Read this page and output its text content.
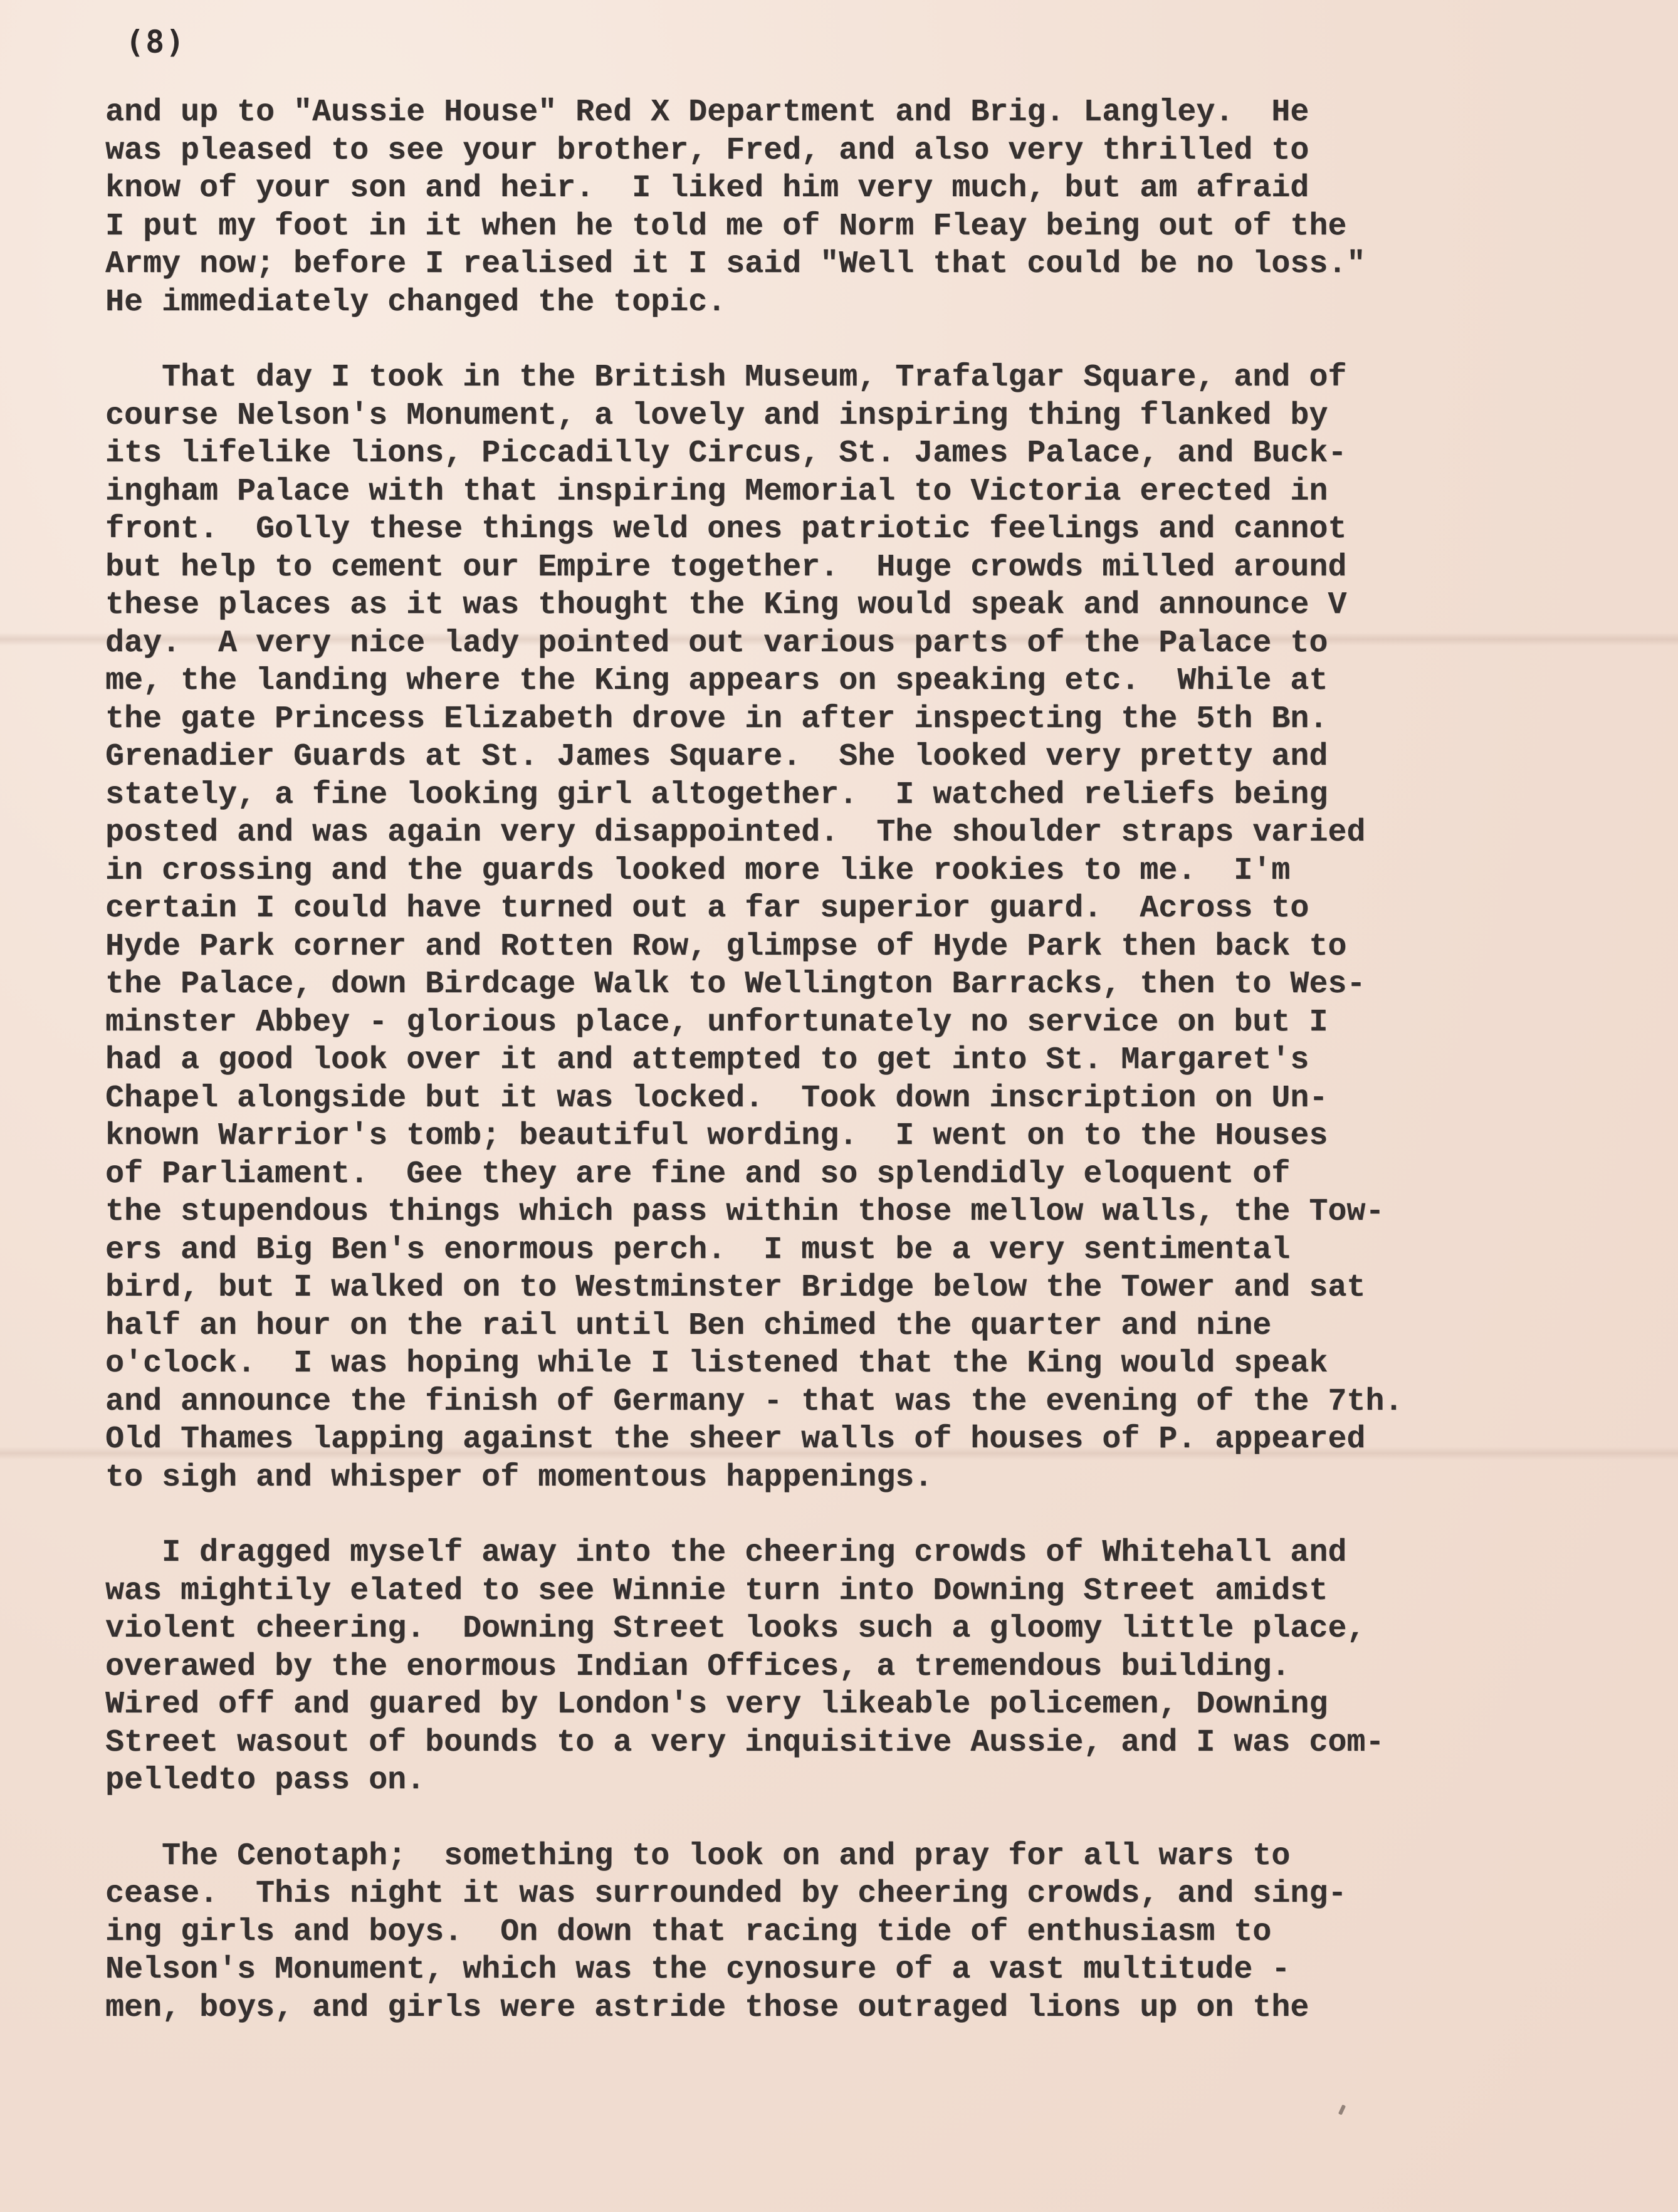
(8)
and up to "Aussie House" Red X Department and Brig. Langley.  He
was pleased to see your brother, Fred, and also very thrilled to
know of your son and heir.  I liked him very much, but am afraid
I put my foot in it when he told me of Norm Fleay being out of the
Army now; before I realised it I said "Well that could be no loss."
He immediately changed the topic.
That day I took in the British Museum, Trafalgar Square, and of
course Nelson's Monument, a lovely and inspiring thing flanked by
its lifelike lions, Piccadilly Circus, St. James Palace, and Buck-
ingham Palace with that inspiring Memorial to Victoria erected in
front.  Golly these things weld ones patriotic feelings and cannot
but help to cement our Empire together.  Huge crowds milled around
these places as it was thought the King would speak and announce V
day.  A very nice lady pointed out various parts of the Palace to
me, the landing where the King appears on speaking etc.  While at
the gate Princess Elizabeth drove in after inspecting the 5th Bn.
Grenadier Guards at St. James Square.  She looked very pretty and
stately, a fine looking girl altogether.  I watched reliefs being
posted and was again very disappointed.  The shoulder straps varied
in crossing and the guards looked more like rookies to me.  I'm
certain I could have turned out a far superior guard.  Across to
Hyde Park corner and Rotten Row, glimpse of Hyde Park then back to
the Palace, down Birdcage Walk to Wellington Barracks, then to Wes-
minster Abbey - glorious place, unfortunately no service on but I
had a good look over it and attempted to get into St. Margaret's
Chapel alongside but it was locked.  Took down inscription on Un-
known Warrior's tomb; beautiful wording.  I went on to the Houses
of Parliament.  Gee they are fine and so splendidly eloquent of
the stupendous things which pass within those mellow walls, the Tow-
ers and Big Ben's enormous perch.  I must be a very sentimental
bird, but I walked on to Westminster Bridge below the Tower and sat
half an hour on the rail until Ben chimed the quarter and nine
o'clock.  I was hoping while I listened that the King would speak
and announce the finish of Germany - that was the evening of the 7th.
Old Thames lapping against the sheer walls of houses of P. appeared
to sigh and whisper of momentous happenings.
I dragged myself away into the cheering crowds of Whitehall and
was mightily elated to see Winnie turn into Downing Street amidst
violent cheering.  Downing Street looks such a gloomy little place,
overawed by the enormous Indian Offices, a tremendous building.
Wired off and guared by London's very likeable policemen, Downing
Street wasout of bounds to a very inquisitive Aussie, and I was com-
pelledto pass on.
The Cenotaph;  something to look on and pray for all wars to
cease.  This night it was surrounded by cheering crowds, and sing-
ing girls and boys.  On down that racing tide of enthusiasm to
Nelson's Monument, which was the cynosure of a vast multitude -
men, boys, and girls were astride those outraged lions up on the
